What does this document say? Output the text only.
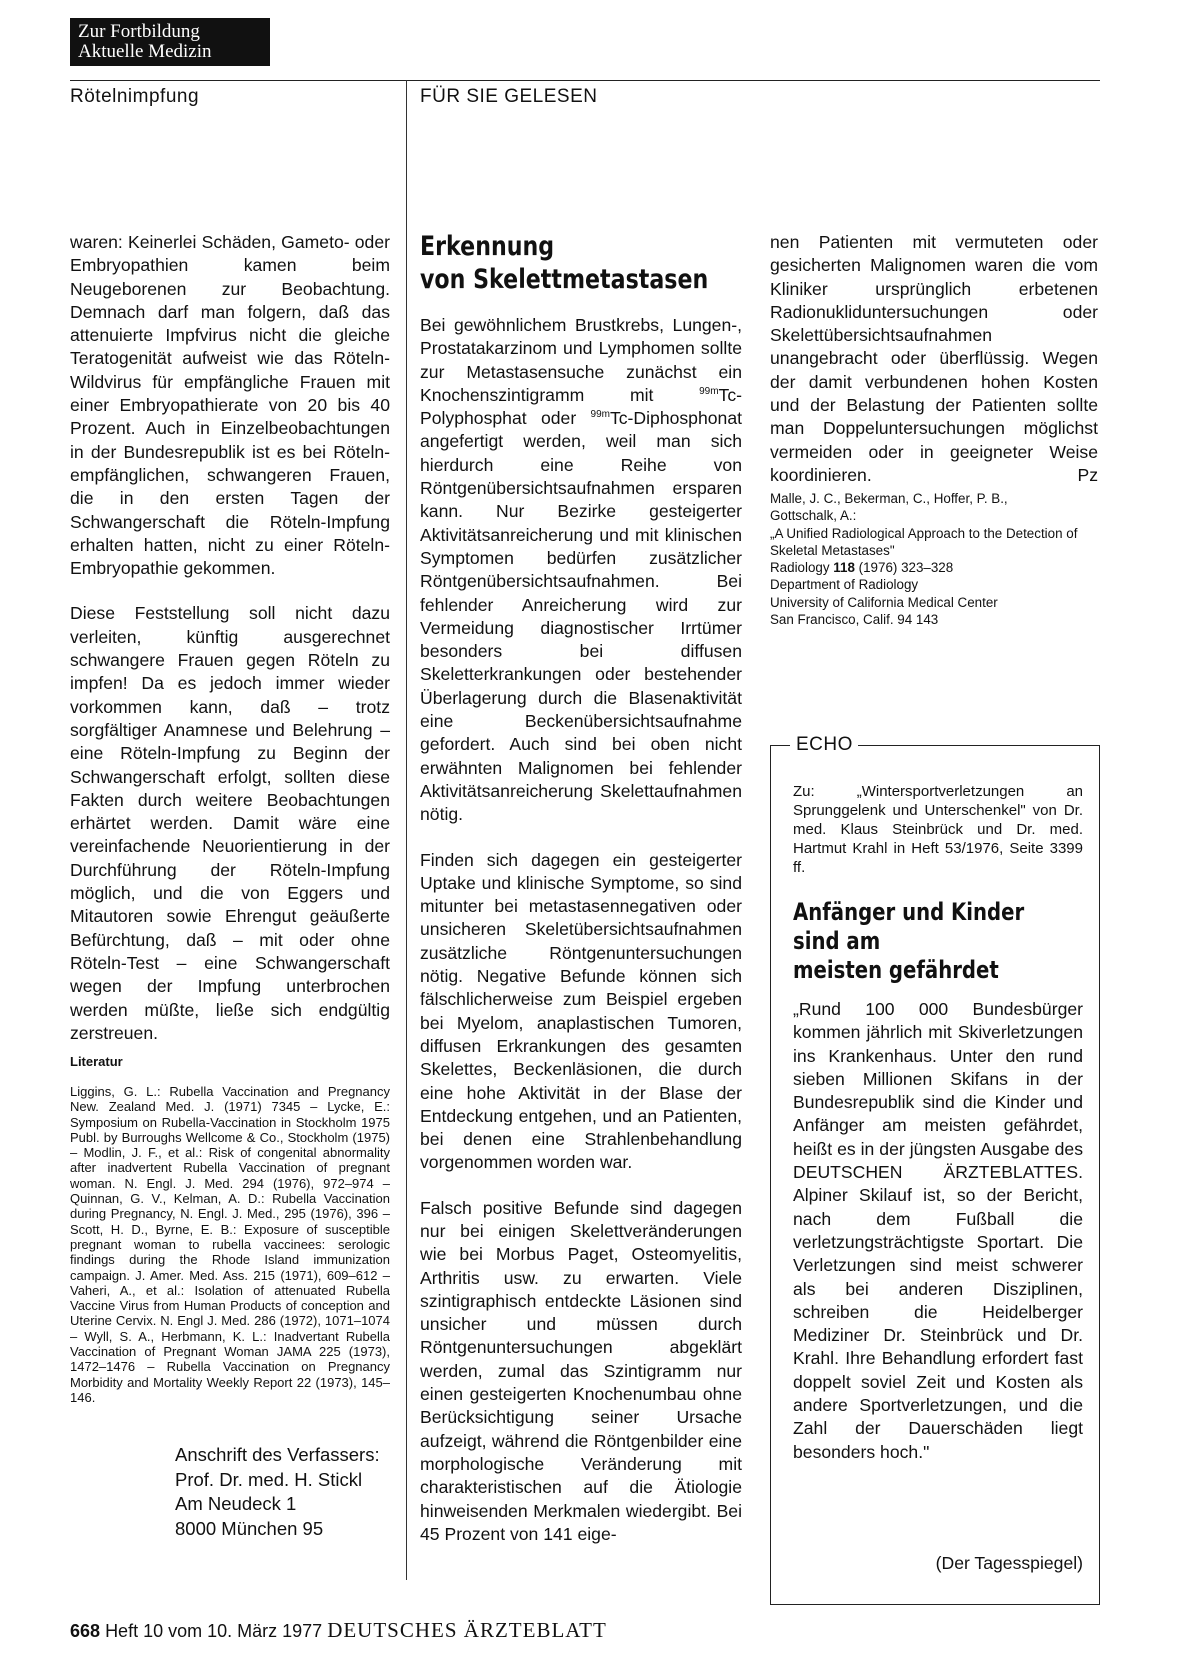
Zur Fortbildung
Aktuelle Medizin
Rötelnimpfung	FÜR SIE GELESEN

waren: Keinerlei Schäden, Gameto- oder Embryopathien kamen beim Neugeborenen zur Beobachtung. Demnach darf man folgern, daß das attenuierte Impfvirus nicht die gleiche Teratogenität aufweist wie das Röteln-Wildvirus für empfängliche Frauen mit einer Embryopathierate von 20 bis 40 Prozent. Auch in Einzelbeobachtungen in der Bundesrepublik ist es bei Röteln-empfänglichen, schwangeren Frauen, die in den ersten Tagen der Schwangerschaft die Röteln-Impfung erhalten hatten, nicht zu einer Röteln-Embryopathie gekommen.

Diese Feststellung soll nicht dazu verleiten, künftig ausgerechnet schwangere Frauen gegen Röteln zu impfen! Da es jedoch immer wieder vorkommen kann, daß – trotz sorgfältiger Anamnese und Belehrung – eine Röteln-Impfung zu Beginn der Schwangerschaft erfolgt, sollten diese Fakten durch weitere Beobachtungen erhärtet werden. Damit wäre eine vereinfachende Neuorientierung in der Durchführung der Röteln-Impfung möglich, und die von Eggers und Mitautoren sowie Ehrengut geäußerte Befürchtung, daß – mit oder ohne Röteln-Test – eine Schwangerschaft wegen der Impfung unterbrochen werden müßte, ließe sich endgültig zerstreuen.

Literatur

Liggins, G. L.: Rubella Vaccination and Pregnancy New. Zealand Med. J. (1971) 7345 – Lycke, E.: Symposium on Rubella-Vaccination in Stockholm 1975 Publ. by Burroughs Wellcome & Co., Stockholm (1975) – Modlin, J. F., et al.: Risk of congenital abnormality after inadvertent Rubella Vaccination of pregnant woman. N. Engl. J. Med. 294 (1976), 972–974 – Quinnan, G. V., Kelman, A. D.: Rubella Vaccination during Pregnancy, N. Engl. J. Med., 295 (1976), 396 – Scott, H. D., Byrne, E. B.: Exposure of susceptible pregnant woman to rubella vaccinees: serologic findings during the Rhode Island immunization campaign. J. Amer. Med. Ass. 215 (1971), 609–612 – Vaheri, A., et al.: Isolation of attenuated Rubella Vaccine Virus from Human Products of conception and Uterine Cervix. N. Engl J. Med. 286 (1972), 1071–1074 – Wyll, S. A., Herbmann, K. L.: Inadvertant Rubella Vaccination of Pregnant Woman JAMA 225 (1973), 1472–1476 – Rubella Vaccination on Pregnancy Morbidity and Mortality Weekly Report 22 (1973), 145–146.

Anschrift des Verfassers:
Prof. Dr. med. H. Stickl
Am Neudeck 1
8000 München 95
Erkennung
von Skelettmetastasen

Bei gewöhnlichem Brustkrebs, Lungen-, Prostatakarzinom und Lymphomen sollte zur Metastasensuche zunächst ein Knochenszintigramm mit $^{99m}$Tc-Polyphosphat oder $^{99m}$Tc-Diphosphonat angefertigt werden, weil man sich hierdurch eine Reihe von Röntgenübersichtsaufnahmen ersparen kann. Nur Bezirke gesteigerter Aktivitätsanreicherung und mit klinischen Symptomen bedürfen zusätzlicher Röntgenübersichtsaufnahmen. Bei fehlender Anreicherung wird zur Vermeidung diagnostischer Irrtümer besonders bei diffusen Skeletterkrankungen oder bestehender Überlagerung durch die Blasenaktivität eine Beckenübersichtsaufnahme gefordert. Auch sind bei oben nicht erwähnten Malignomen bei fehlender Aktivitätsanreicherung Skelettaufnahmen nötig.

Finden sich dagegen ein gesteigerter Uptake und klinische Symptome, so sind mitunter bei metastasennegativen oder unsicheren Skeletübersichtsaufnahmen zusätzliche Röntgenuntersuchungen nötig. Negative Befunde können sich fälschlicherweise zum Beispiel ergeben bei Myelom, anaplastischen Tumoren, diffusen Erkrankungen des gesamten Skelettes, Beckenläsionen, die durch eine hohe Aktivität in der Blase der Entdeckung entgehen, und an Patienten, bei denen eine Strahlenbehandlung vorgenommen worden war.

Falsch positive Befunde sind dagegen nur bei einigen Skelettveränderungen wie bei Morbus Paget, Osteomyelitis, Arthritis usw. zu erwarten. Viele szintigraphisch entdeckte Läsionen sind unsicher und müssen durch Röntgenuntersuchungen abgeklärt werden, zumal das Szintigramm nur einen gesteigerten Knochenumbau ohne Berücksichtigung seiner Ursache aufzeigt, während die Röntgenbilder eine morphologische Veränderung mit charakteristischen auf die Ätiologie hinweisenden Merkmalen wiedergibt. Bei 45 Prozent von 141 eige-

nen Patienten mit vermuteten oder gesicherten Malignomen waren die vom Kliniker ursprünglich erbetenen Radionukliduntersuchungen oder Skelettübersichtsaufnahmen unangebracht oder überflüssig. Wegen der damit verbundenen hohen Kosten und der Belastung der Patienten sollte man Doppeluntersuchungen möglichst vermeiden oder in geeigneter Weise koordinieren.	Pz

Malle, J. C., Bekerman, C., Hoffer, P. B.,
Gottschalk, A.:
„A Unified Radiological Approach to the Detection of Skeletal Metastases"
Radiology 118 (1976) 323–328
Department of Radiology
University of California Medical Center
San Francisco, Calif. 94 143
ECHO

Zu: „Wintersportverletzungen an Sprunggelenk und Unterschenkel" von Dr. med. Klaus Steinbrück und Dr. med. Hartmut Krahl in Heft 53/1976, Seite 3399 ff.

Anfänger und Kinder
sind am
meisten gefährdet

„Rund 100 000 Bundesbürger kommen jährlich mit Skiverletzungen ins Krankenhaus. Unter den rund sieben Millionen Skifans in der Bundesrepublik sind die Kinder und Anfänger am meisten gefährdet, heißt es in der jüngsten Ausgabe des DEUTSCHEN ÄRZTEBLATTES. Alpiner Skilauf ist, so der Bericht, nach dem Fußball die verletzungsträchtigste Sportart. Die Verletzungen sind meist schwerer als bei anderen Disziplinen, schreiben die Heidelberger Mediziner Dr. Steinbrück und Dr. Krahl. Ihre Behandlung erfordert fast doppelt soviel Zeit und Kosten als andere Sportverletzungen, und die Zahl der Dauerschäden liegt besonders hoch."

(Der Tagesspiegel)
668 Heft 10 vom 10. März 1977 DEUTSCHES ÄRZTEBLATT
